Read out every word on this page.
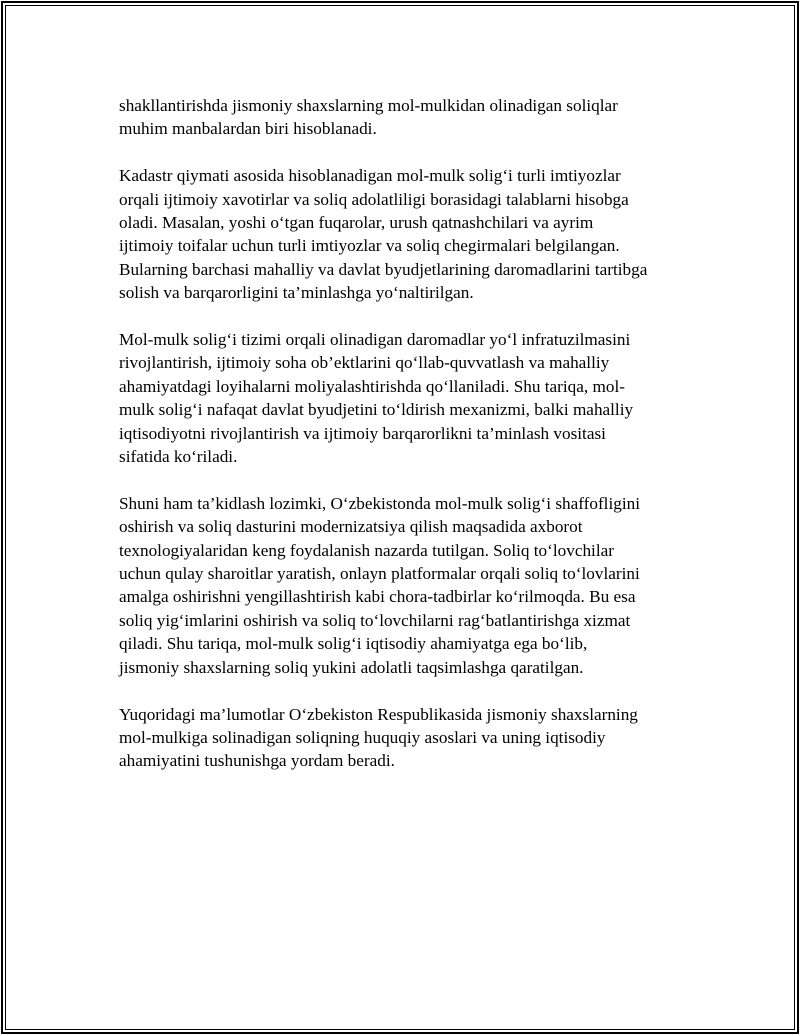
shakllantirishda jismoniy shaxslarning mol-mulkidan olinadigan soliqlar
muhim manbalardan biri hisoblanadi.

Kadastr qiymati asosida hisoblanadigan mol-mulk solig‘i turli imtiyozlar
orqali ijtimoiy xavotirlar va soliq adolatliligi borasidagi talablarni hisobga
oladi. Masalan, yoshi o‘tgan fuqarolar, urush qatnashchilari va ayrim
ijtimoiy toifalar uchun turli imtiyozlar va soliq chegirmalari belgilangan.
Bularning barchasi mahalliy va davlat byudjetlarining daromadlarini tartibga
solish va barqarorligini ta’minlashga yo‘naltirilgan.

Mol-mulk solig‘i tizimi orqali olinadigan daromadlar yo‘l infratuzilmasini
rivojlantirish, ijtimoiy soha ob’ektlarini qo‘llab-quvvatlash va mahalliy
ahamiyatdagi loyihalarni moliyalashtirishda qo‘llaniladi. Shu tariqa, mol-
mulk solig‘i nafaqat davlat byudjetini to‘ldirish mexanizmi, balki mahalliy
iqtisodiyotni rivojlantirish va ijtimoiy barqarorlikni ta’minlash vositasi
sifatida ko‘riladi.

Shuni ham ta’kidlash lozimki, O‘zbekistonda mol-mulk solig‘i shaffofligini
oshirish va soliq dasturini modernizatsiya qilish maqsadida axborot
texnologiyalaridan keng foydalanish nazarda tutilgan. Soliq to‘lovchilar
uchun qulay sharoitlar yaratish, onlayn platformalar orqali soliq to‘lovlarini
amalga oshirishni yengillashtirish kabi chora-tadbirlar ko‘rilmoqda. Bu esa
soliq yig‘imlarini oshirish va soliq to‘lovchilarni rag‘batlantirishga xizmat
qiladi. Shu tariqa, mol-mulk solig‘i iqtisodiy ahamiyatga ega bo‘lib,
jismoniy shaxslarning soliq yukini adolatli taqsimlashga qaratilgan.

Yuqoridagi ma’lumotlar O‘zbekiston Respublikasida jismoniy shaxslarning
mol-mulkiga solinadigan soliqning huquqiy asoslari va uning iqtisodiy
ahamiyatini tushunishga yordam beradi.
